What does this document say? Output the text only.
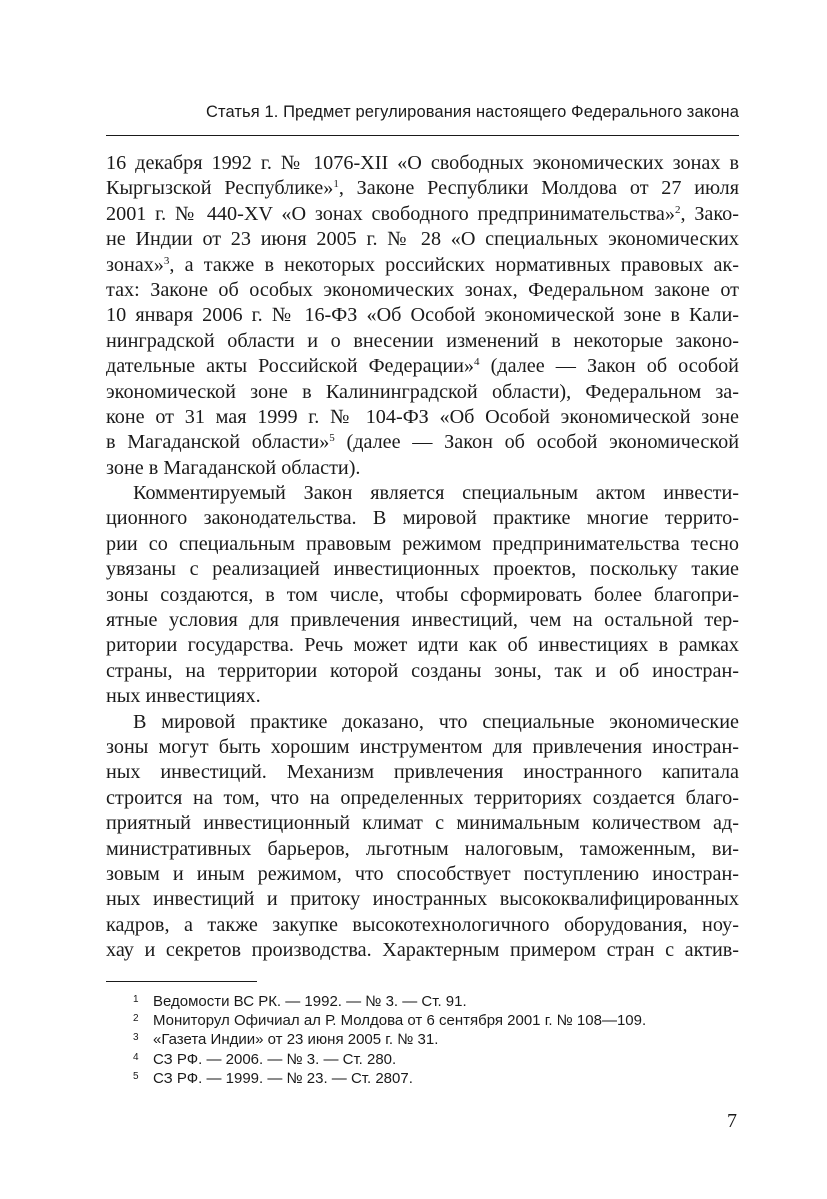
Статья 1. Предмет регулирования настоящего Федерального закона
16 декабря 1992 г. № 1076-XII «О свободных экономических зонах в
Кыргызской Республике»$^1$, Законе Республики Молдова от 27 июля
2001 г. № 440-XV «О зонах свободного предпринимательства»$^2$, Зако-
не Индии от 23 июня 2005 г. № 28 «О специальных экономических
зонах»$^3$, а также в некоторых российских нормативных правовых ак-
тах: Законе об особых экономических зонах, Федеральном законе от
10 января 2006 г. № 16-ФЗ «Об Особой экономической зоне в Кали-
нинградской области и о внесении изменений в некоторые законо-
дательные акты Российской Федерации»$^4$ (далее — Закон об особой
экономической зоне в Калининградской области), Федеральном за-
коне от 31 мая 1999 г. № 104-ФЗ «Об Особой экономической зоне
в Магаданской области»$^5$ (далее — Закон об особой экономической
зоне в Магаданской области).
Комментируемый Закон является специальным актом инвести-
ционного законодательства. В мировой практике многие террито-
рии со специальным правовым режимом предпринимательства тесно
увязаны с реализацией инвестиционных проектов, поскольку такие
зоны создаются, в том числе, чтобы сформировать более благопри-
ятные условия для привлечения инвестиций, чем на остальной тер-
ритории государства. Речь может идти как об инвестициях в рамках
страны, на территории которой созданы зоны, так и об иностран-
ных инвестициях.
В мировой практике доказано, что специальные экономические
зоны могут быть хорошим инструментом для привлечения иностран-
ных инвестиций. Механизм привлечения иностранного капитала
строится на том, что на определенных территориях создается благо-
приятный инвестиционный климат с минимальным количеством ад-
министративных барьеров, льготным налоговым, таможенным, ви-
зовым и иным режимом, что способствует поступлению иностран-
ных инвестиций и притоку иностранных высококвалифицированных
кадров, а также закупке высокотехнологичного оборудования, ноу-
хау и секретов производства. Характерным примером стран с актив-
1 Ведомости ВС РК. — 1992. — № 3. — Ст. 91.
2 Мониторул Офичиал ал Р. Молдова от 6 сентября 2001 г. № 108—109.
3 «Газета Индии» от 23 июня 2005 г. № 31.
4 СЗ РФ. — 2006. — № 3. — Ст. 280.
5 СЗ РФ. — 1999. — № 23. — Ст. 2807.
7
